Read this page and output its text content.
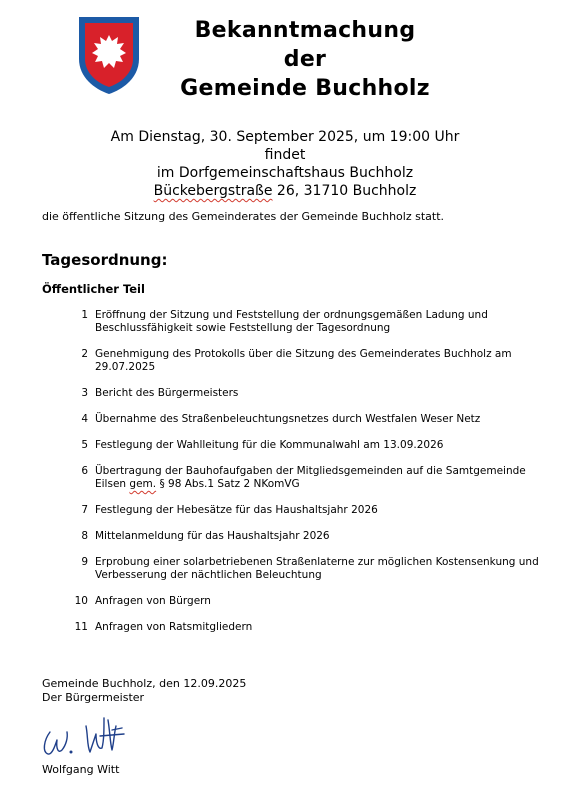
Bekanntmachung
der
Gemeinde Buchholz
Am Dienstag, 30. September 2025, um 19:00 Uhr
findet
im Dorfgemeinschaftshaus Buchholz
Bückebergstraße 26, 31710 Buchholz
die öffentliche Sitzung des Gemeinderates der Gemeinde Buchholz statt.
Tagesordnung:
Öffentlicher Teil
1 Eröffnung der Sitzung und Feststellung der ordnungsgemäßen Ladung und Beschlussfähigkeit sowie Feststellung der Tagesordnung
2 Genehmigung des Protokolls über die Sitzung des Gemeinderates Buchholz am 29.07.2025
3 Bericht des Bürgermeisters
4 Übernahme des Straßenbeleuchtungsnetzes durch Westfalen Weser Netz
5 Festlegung der Wahlleitung für die Kommunalwahl am 13.09.2026
6 Übertragung der Bauhofaufgaben der Mitgliedsgemeinden auf die Samtgemeinde Eilsen gem. § 98 Abs.1 Satz 2 NKomVG
7 Festlegung der Hebesätze für das Haushaltsjahr 2026
8 Mittelanmeldung für das Haushaltsjahr 2026
9 Erprobung einer solarbetriebenen Straßenlaterne zur möglichen Kostensenkung und Verbesserung der nächtlichen Beleuchtung
10 Anfragen von Bürgern
11 Anfragen von Ratsmitgliedern
Gemeinde Buchholz, den 12.09.2025
Der Bürgermeister
Wolfgang Witt
